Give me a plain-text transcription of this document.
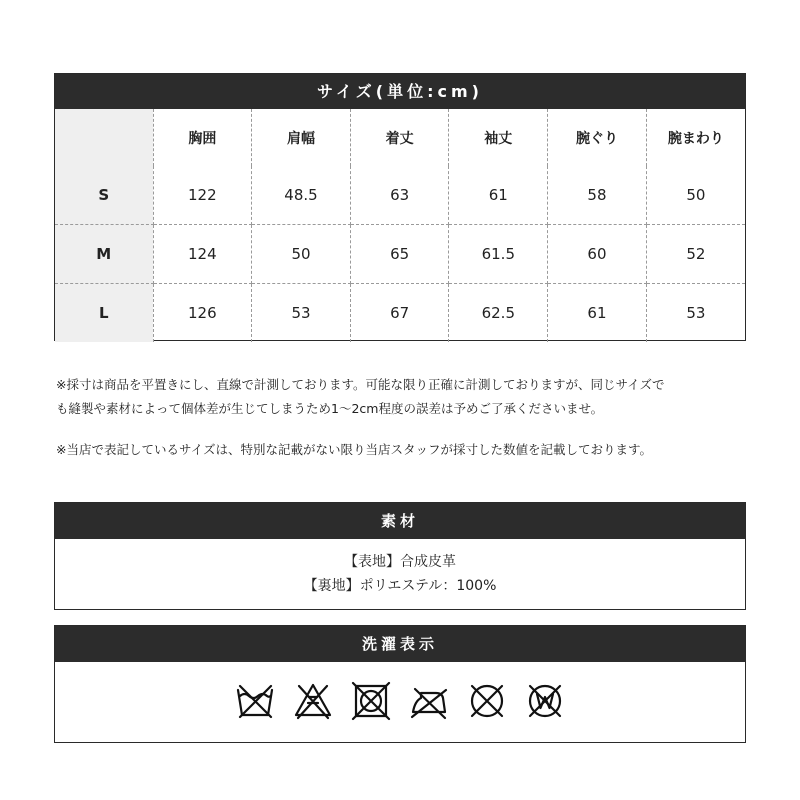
サイズ(単位:cm)
	胸囲	肩幅	着丈	袖丈	腕ぐり	腕まわり
S	122	48.5	63	61	58	50
M	124	50	65	61.5	60	52
L	126	53	67	62.5	61	53
※採寸は商品を平置きにし、直線で計測しております。可能な限り正確に計測しておりますが、同じサイズで
も縫製や素材によって個体差が生じてしまうため1〜2cm程度の誤差は予めご了承くださいませ。
※当店で表記しているサイズは、特別な記載がない限り当店スタッフが採寸した数値を記載しております。
素材
【表地】合成皮革
【裏地】ポリエステル：100%
洗濯表示
